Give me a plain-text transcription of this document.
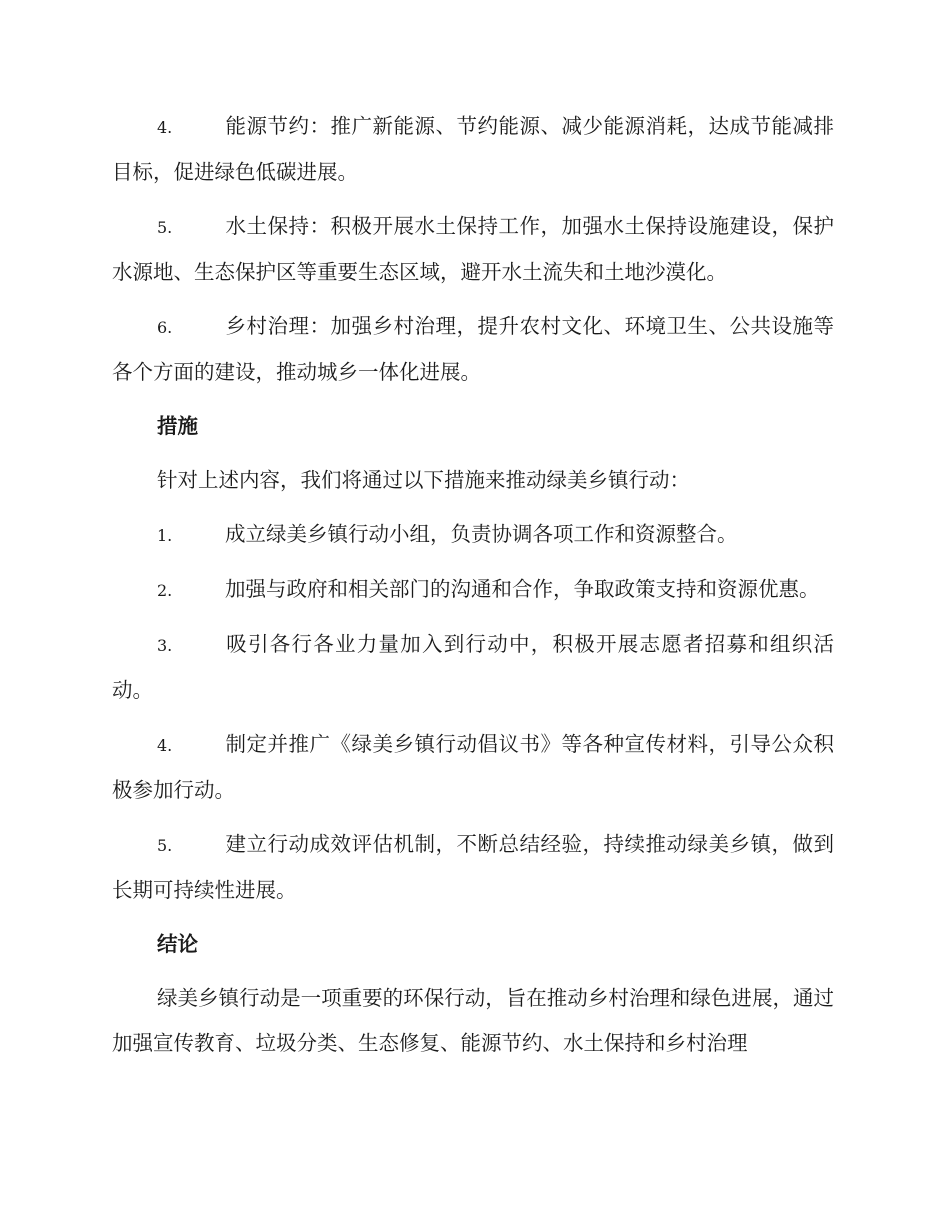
4.	能源节约：推广新能源、节约能源、减少能源消耗，达成节能减排目标，促进绿色低碳进展。
5.	水土保持：积极开展水土保持工作，加强水土保持设施建设，保护水源地、生态保护区等重要生态区域，避开水土流失和土地沙漠化。
6.	乡村治理：加强乡村治理，提升农村文化、环境卫生、公共设施等各个方面的建设，推动城乡一体化进展。
措施
针对上述内容，我们将通过以下措施来推动绿美乡镇行动：
1.	成立绿美乡镇行动小组，负责协调各项工作和资源整合。
2.	加强与政府和相关部门的沟通和合作，争取政策支持和资源优惠。
3.	吸引各行各业力量加入到行动中，积极开展志愿者招募和组织活动。
4.	制定并推广《绿美乡镇行动倡议书》等各种宣传材料，引导公众积极参加行动。
5.	建立行动成效评估机制，不断总结经验，持续推动绿美乡镇，做到长期可持续性进展。
结论
绿美乡镇行动是一项重要的环保行动，旨在推动乡村治理和绿色进展，通过加强宣传教育、垃圾分类、生态修复、能源节约、水土保持和乡村治理
